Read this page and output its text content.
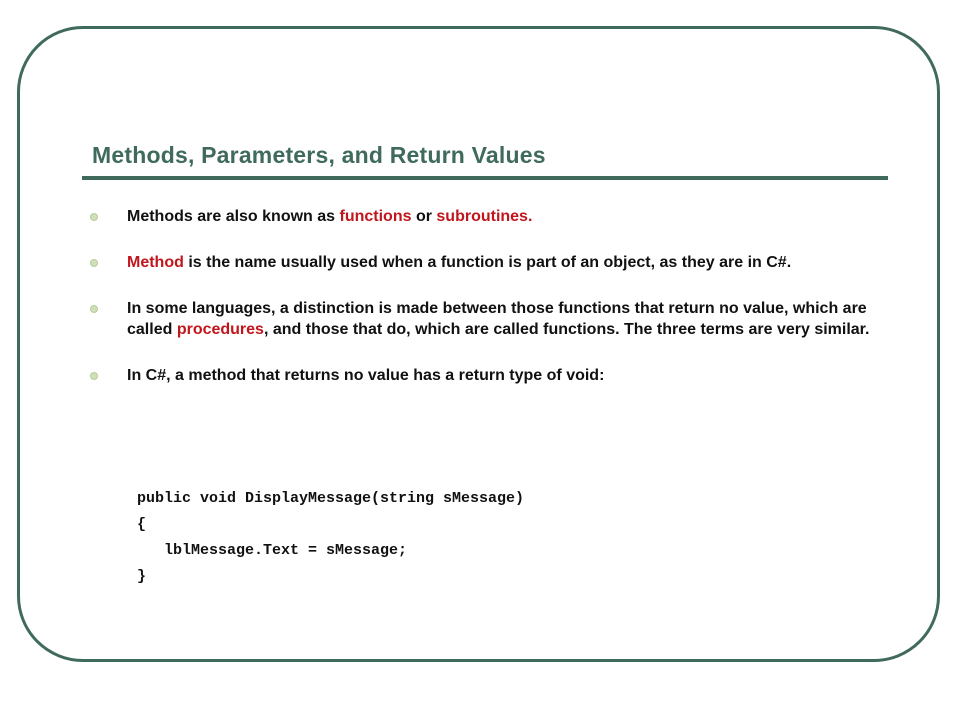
Methods, Parameters, and Return Values
Methods are also known as functions or subroutines.
Method is the name usually used when a function is part of an object, as they are in C#.
In some languages, a distinction is made between those functions that return no value, which are called procedures, and those that do, which are called functions. The three terms are very similar.
In C#, a method that returns no value has a return type of void:
public void DisplayMessage(string sMessage)
{
lblMessage.Text = sMessage;
}
